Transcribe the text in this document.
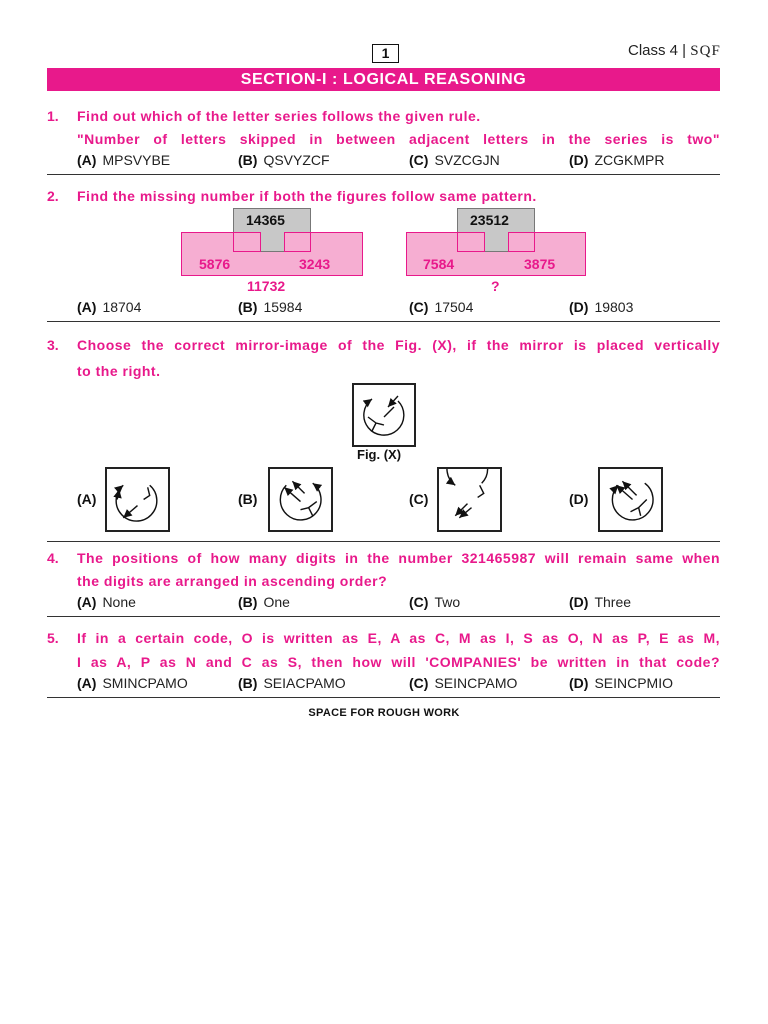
1	Class 4 | SQF
SECTION-I : LOGICAL REASONING
1. Find out which of the letter series follows the given rule.
"Number of letters skipped in between adjacent letters in the series is two"
(A) MPSVYBE	(B) QSVYZCF	(C) SVZCGJN	(D) ZCGKMPR
2. Find the missing number if both the figures follow same pattern.
14365
5876	3243
11732
23512
7584	3875
?
(A) 18704	(B) 15984	(C) 17504	(D) 19803
3. Choose the correct mirror-image of the Fig. (X), if the mirror is placed vertically
to the right.
Fig. (X)
(A)	(B)	(C)	(D)
4. The positions of how many digits in the number 321465987 will remain same when
the digits are arranged in ascending order?
(A) None	(B) One	(C) Two	(D) Three
5. If in a certain code, O is written as E, A as C, M as I, S as O, N as P, E as M,
I as A, P as N and C as S, then how will 'COMPANIES' be written in that code?
(A) SMINCPAMO	(B) SEIACPAMO	(C) SEINCPAMO	(D) SEINCPMIO
SPACE FOR ROUGH WORK
